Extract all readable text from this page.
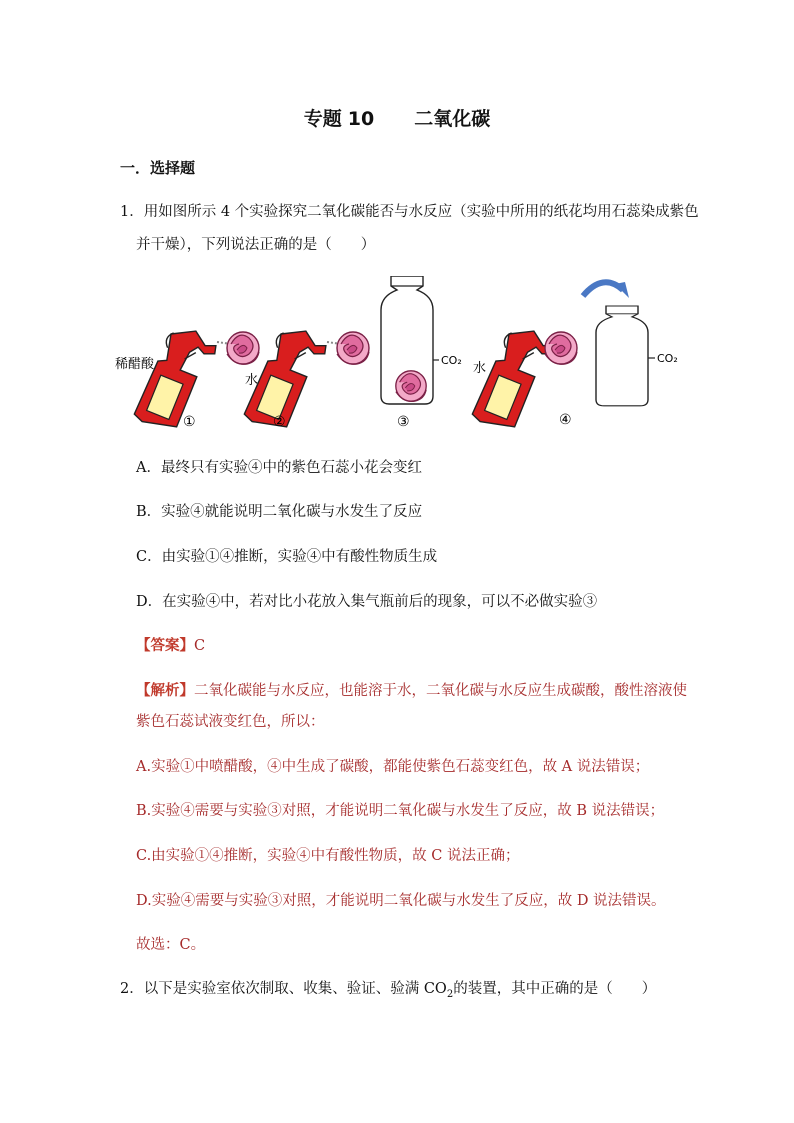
专题 10 二氧化碳
一．选择题
1．用如图所示 4 个实验探究二氧化碳能否与水反应（实验中所用的纸花均用石蕊染成紫色
并干燥），下列说法正确的是（　　）
稀醋酸
①
水
②
CO₂
③
水
CO₂
④
A．最终只有实验④中的紫色石蕊小花会变红
B．实验④就能说明二氧化碳与水发生了反应
C．由实验①④推断，实验④中有酸性物质生成
D．在实验④中，若对比小花放入集气瓶前后的现象，可以不必做实验③
【答案】C
【解析】二氧化碳能与水反应，也能溶于水，二氧化碳与水反应生成碳酸，酸性溶液使
紫色石蕊试液变红色，所以：
A.实验①中喷醋酸，④中生成了碳酸，都能使紫色石蕊变红色，故 A 说法错误；
B.实验④需要与实验③对照，才能说明二氧化碳与水发生了反应，故 B 说法错误；
C.由实验①④推断，实验④中有酸性物质，故 C 说法正确；
D.实验④需要与实验③对照，才能说明二氧化碳与水发生了反应，故 D 说法错误。
故选：C。
2．以下是实验室依次制取、收集、验证、验满 $CO_2$的装置，其中正确的是（　　）
